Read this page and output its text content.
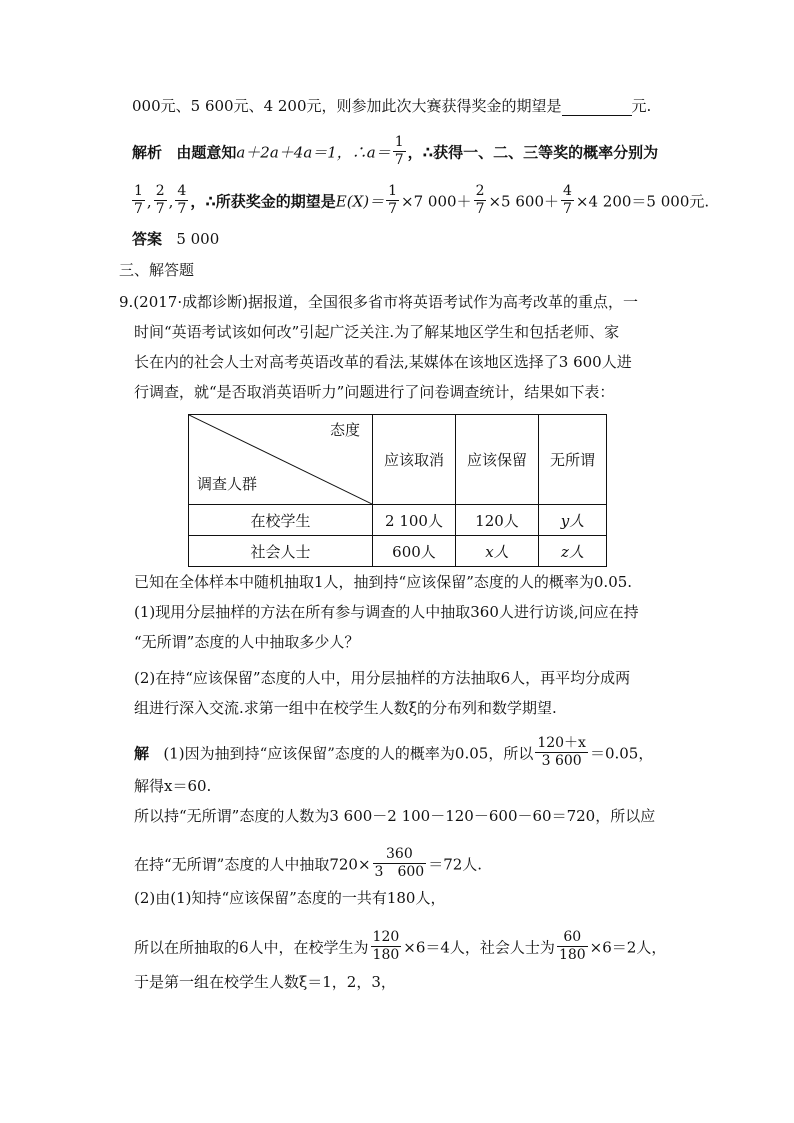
000元、5 600元、4 200元，则参加此次大赛获得奖金的期望是	元.
解析 由题意知a＋2a＋4a＝1，∴a＝ $\frac{1}{7}$ ，∴获得一、二、三等奖的概率分别为
$\frac{1}{7}$ , $\frac{2}{7}$ , $\frac{4}{7}$ ，∴所获奖金的期望是$E(X)= \frac{1}{7} \times 7$ $000+ \frac{2}{7} \times 5$ $600+ \frac{4}{7} \times 4$ 200＝5 000元.
答案 5 000
三、解答题
9.(2017·成都诊断)据报道，全国很多省市将英语考试作为高考改革的重点，一
时间“英语考试该如何改”引起广泛关注.为了解某地区学生和包括老师、家
长在内的社会人士对高考英语改革的看法,某媒体在该地区选择了3 600人进
行调查，就“是否取消英语听力”问题进行了问卷调查统计，结果如下表：
态度
调查人群	应该取消	应该保留	无所谓
在校学生	2 100人	120人	y人
社会人士	600人	x人	z人
已知在全体样本中随机抽取1人，抽到持“应该保留”态度的人的概率为0.05.
(1)现用分层抽样的方法在所有参与调查的人中抽取360人进行访谈,问应在持
“无所谓”态度的人中抽取多少人？
(2)在持“应该保留”态度的人中，用分层抽样的方法抽取6人，再平均分成两
组进行深入交流.求第一组中在校学生人数ξ的分布列和数学期望.
解 (1)因为抽到持“应该保留”态度的人的概率为0.05，所以 $\frac{120+x}{3 600} =0.05$，
解得x＝60.
所以持“无所谓”态度的人数为3 600－2 100－120－600－60＝720，所以应
在持“无所谓”态度的人中抽取$720\times \frac{360}{3 600} =72$人.
(2)由(1)知持“应该保留”态度的一共有180人，
所以在所抽取的6人中，在校学生为 $\frac{120}{180} \times 6=4$人，社会人士为 $\frac{60}{180} \times 6=2$人，
于是第一组在校学生人数ξ＝1，2，3，
